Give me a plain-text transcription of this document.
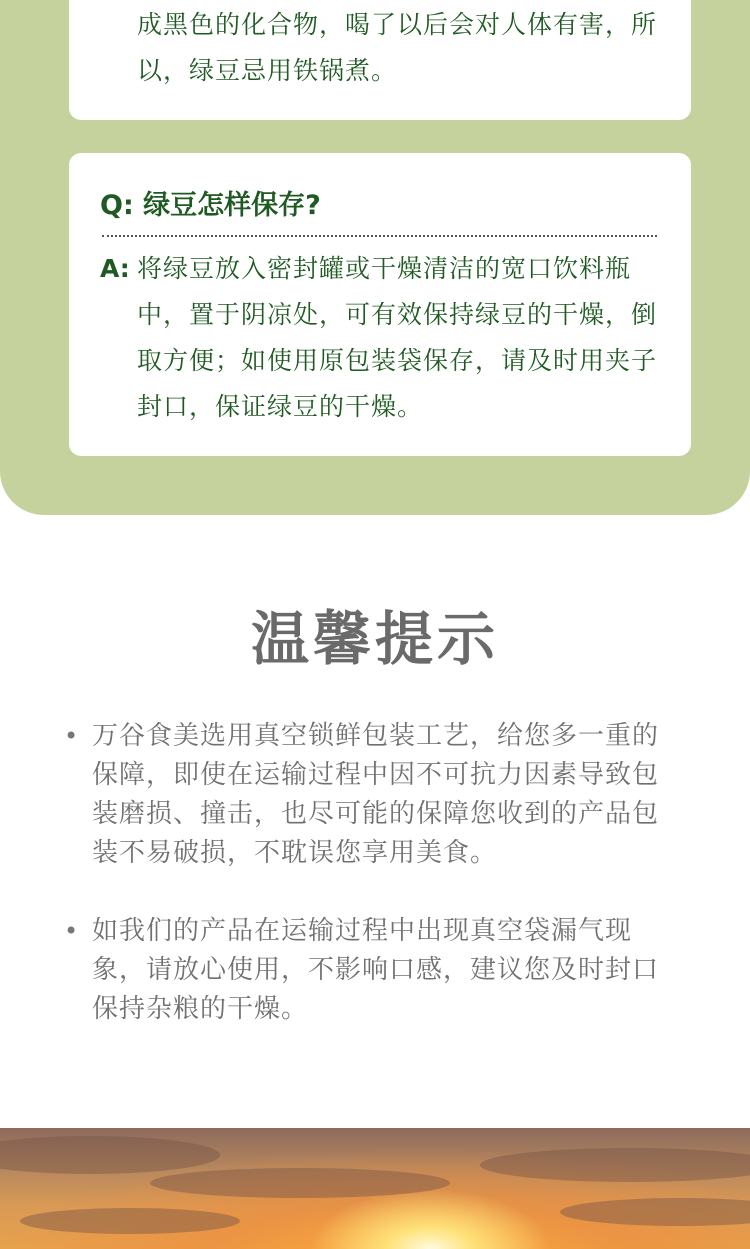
成黑色的化合物，喝了以后会对人体有害，所以，绿豆忌用铁锅煮。
Q: 绿豆怎样保存?
A: 将绿豆放入密封罐或干燥清洁的宽口饮料瓶中，置于阴凉处，可有效保持绿豆的干燥，倒取方便；如使用原包装袋保存，请及时用夹子封口，保证绿豆的干燥。
温馨提示
• 万谷食美选用真空锁鲜包装工艺，给您多一重的保障，即使在运输过程中因不可抗力因素导致包装磨损、撞击，也尽可能的保障您收到的产品包装不易破损，不耽误您享用美食。
• 如我们的产品在运输过程中出现真空袋漏气现象，请放心使用，不影响口感，建议您及时封口保持杂粮的干燥。
